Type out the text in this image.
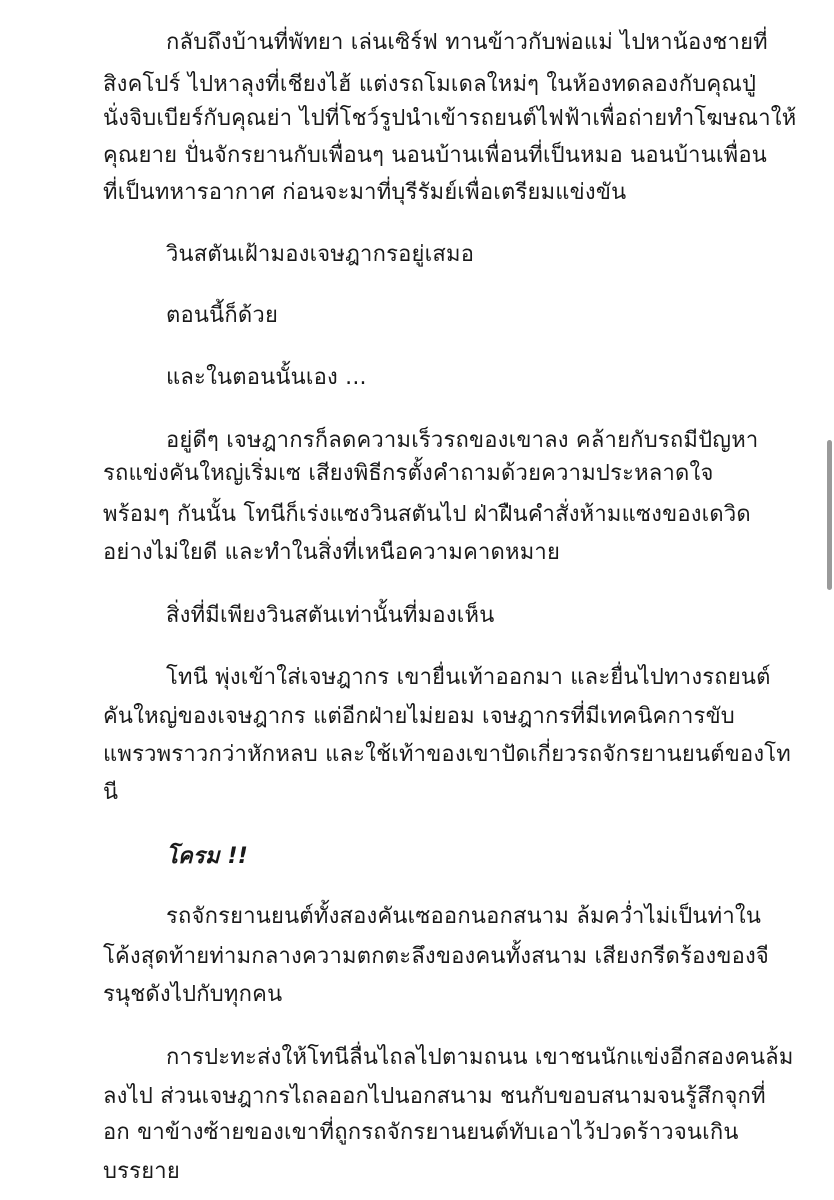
กลับถึงบ้านที่พัทยา เล่นเซิร์ฟ ทานข้าวกับพ่อแม่ ไปหาน้องชายที่
สิงคโปร์ ไปหาลุงที่เชียงไฮ้ แต่งรถโมเดลใหม่ๆ ในห้องทดลองกับคุณปู่
นั่งจิบเบียร์กับคุณย่า ไปที่โชว์รูปนำเข้ารถยนต์ไฟฟ้าเพื่อถ่ายทำโฆษณาให้
คุณยาย ปั่นจักรยานกับเพื่อนๆ นอนบ้านเพื่อนที่เป็นหมอ นอนบ้านเพื่อน
ที่เป็นทหารอากาศ ก่อนจะมาที่บุรีรัมย์เพื่อเตรียมแข่งขัน
วินสตันเฝ้ามองเจษฎากรอยู่เสมอ
ตอนนี้ก็ด้วย
และในตอนนั้นเอง ...
อยู่ดีๆ เจษฎากรก็ลดความเร็วรถของเขาลง คล้ายกับรถมีปัญหา
รถแข่งคันใหญ่เริ่มเซ เสียงพิธีกรตั้งคำถามด้วยความประหลาดใจ
พร้อมๆ กันนั้น โทนีก็เร่งแซงวินสตันไป ฝ่าฝืนคำสั่งห้ามแซงของเดวิด
อย่างไม่ใยดี และทำในสิ่งที่เหนือความคาดหมาย
สิ่งที่มีเพียงวินสตันเท่านั้นที่มองเห็น
โทนี พุ่งเข้าใส่เจษฎากร เขายื่นเท้าออกมา และยื่นไปทางรถยนต์
คันใหญ่ของเจษฎากร แต่อีกฝ่ายไม่ยอม เจษฎากรที่มีเทคนิคการขับ
แพรวพราวกว่าหักหลบ และใช้เท้าของเขาปัดเกี่ยวรถจักรยานยนต์ของโท
นี
โครม !!
รถจักรยานยนต์ทั้งสองคันเซออกนอกสนาม ล้มคว่ำไม่เป็นท่าใน
โค้งสุดท้ายท่ามกลางความตกตะลึงของคนทั้งสนาม เสียงกรีดร้องของจี
รนุชดังไปกับทุกคน
การปะทะส่งให้โทนีลื่นไถลไปตามถนน เขาชนนักแข่งอีกสองคนล้ม
ลงไป ส่วนเจษฎากรไถลออกไปนอกสนาม ชนกับขอบสนามจนรู้สึกจุกที่
อก ขาข้างซ้ายของเขาที่ถูกรถจักรยานยนต์ทับเอาไว้ปวดร้าวจนเกิน
บรรยาย
